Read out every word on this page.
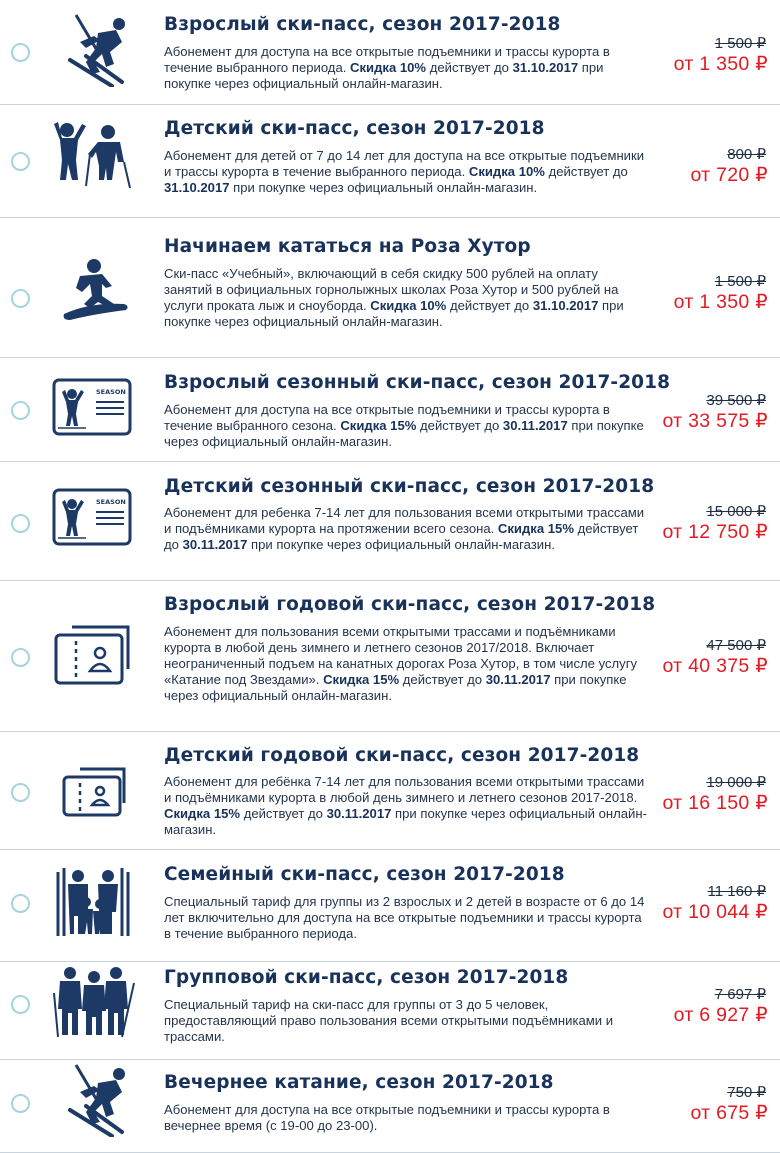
Взрослый ски-пасс, сезон 2017-2018
Абонемент для доступа на все открытые подъемники и трассы курорта в течение выбранного периода. Скидка 10% действует до 31.10.2017 при покупке через официальный онлайн-магазин.
1 500 ₽
от 1 350 ₽
Детский ски-пасс, сезон 2017-2018
Абонемент для детей от 7 до 14 лет для доступа на все открытые подъемники и трассы курорта в течение выбранного периода. Скидка 10% действует до 31.10.2017 при покупке через официальный онлайн-магазин.
800 ₽
от 720 ₽
Начинаем кататься на Роза Хутор
Ски-пасс «Учебный», включающий в себя скидку 500 рублей на оплату занятий в официальных горнолыжных школах Роза Хутор и 500 рублей на услуги проката лыж и сноуборда. Скидка 10% действует до 31.10.2017 при покупке через официальный онлайн-магазин.
1 500 ₽
от 1 350 ₽
SEASON Взрослый сезонный ски-пасс, сезон 2017-2018
Абонемент для доступа на все открытые подъемники и трассы курорта в течение выбранного сезона. Скидка 15% действует до 30.11.2017 при покупке через официальный онлайн-магазин.
39 500 ₽
от 33 575 ₽
SEASON
Детский сезонный ски-пасс, сезон 2017-2018
Абонемент для ребенка 7-14 лет для пользования всеми открытыми трассами и подъёмниками курорта на протяжении всего сезона. Скидка 15% действует до 30.11.2017 при покупке через официальный онлайн-магазин.
15 000 ₽
от 12 750 ₽
Взрослый годовой ски-пасс, сезон 2017-2018
Абонемент для пользования всеми открытыми трассами и подъёмниками курорта в любой день зимнего и летнего сезонов 2017/2018. Включает неограниченный подъем на канатных дорогах Роза Хутор, в том числе услугу «Катание под Звездами». Скидка 15% действует до 30.11.2017 при покупке через официальный онлайн-магазин.
47 500 ₽
от 40 375 ₽
Детский годовой ски-пасс, сезон 2017-2018
Абонемент для ребёнка 7-14 лет для пользования всеми открытыми трассами и подъёмниками курорта в любой день зимнего и летнего сезонов 2017-2018. Скидка 15% действует до 30.11.2017 при покупке через официальный онлайн-магазин.
19 000 ₽
от 16 150 ₽
Семейный ски-пасс, сезон 2017-2018
Специальный тариф для группы из 2 взрослых и 2 детей в возрасте от 6 до 14 лет включительно для доступа на все открытые подъемники и трассы курорта в течение выбранного периода.
11 160 ₽
от 10 044 ₽
Групповой ски-пасс, сезон 2017-2018
Специальный тариф на ски-пасс для группы от 3 до 5 человек, предоставляющий право пользования всеми открытыми подъёмниками и трассами.
7 697 ₽
от 6 927 ₽
Вечернее катание, сезон 2017-2018
Абонемент для доступа на все открытые подъемники и трассы курорта в вечернее время (с 19-00 до 23-00).
750 ₽
от 675 ₽
